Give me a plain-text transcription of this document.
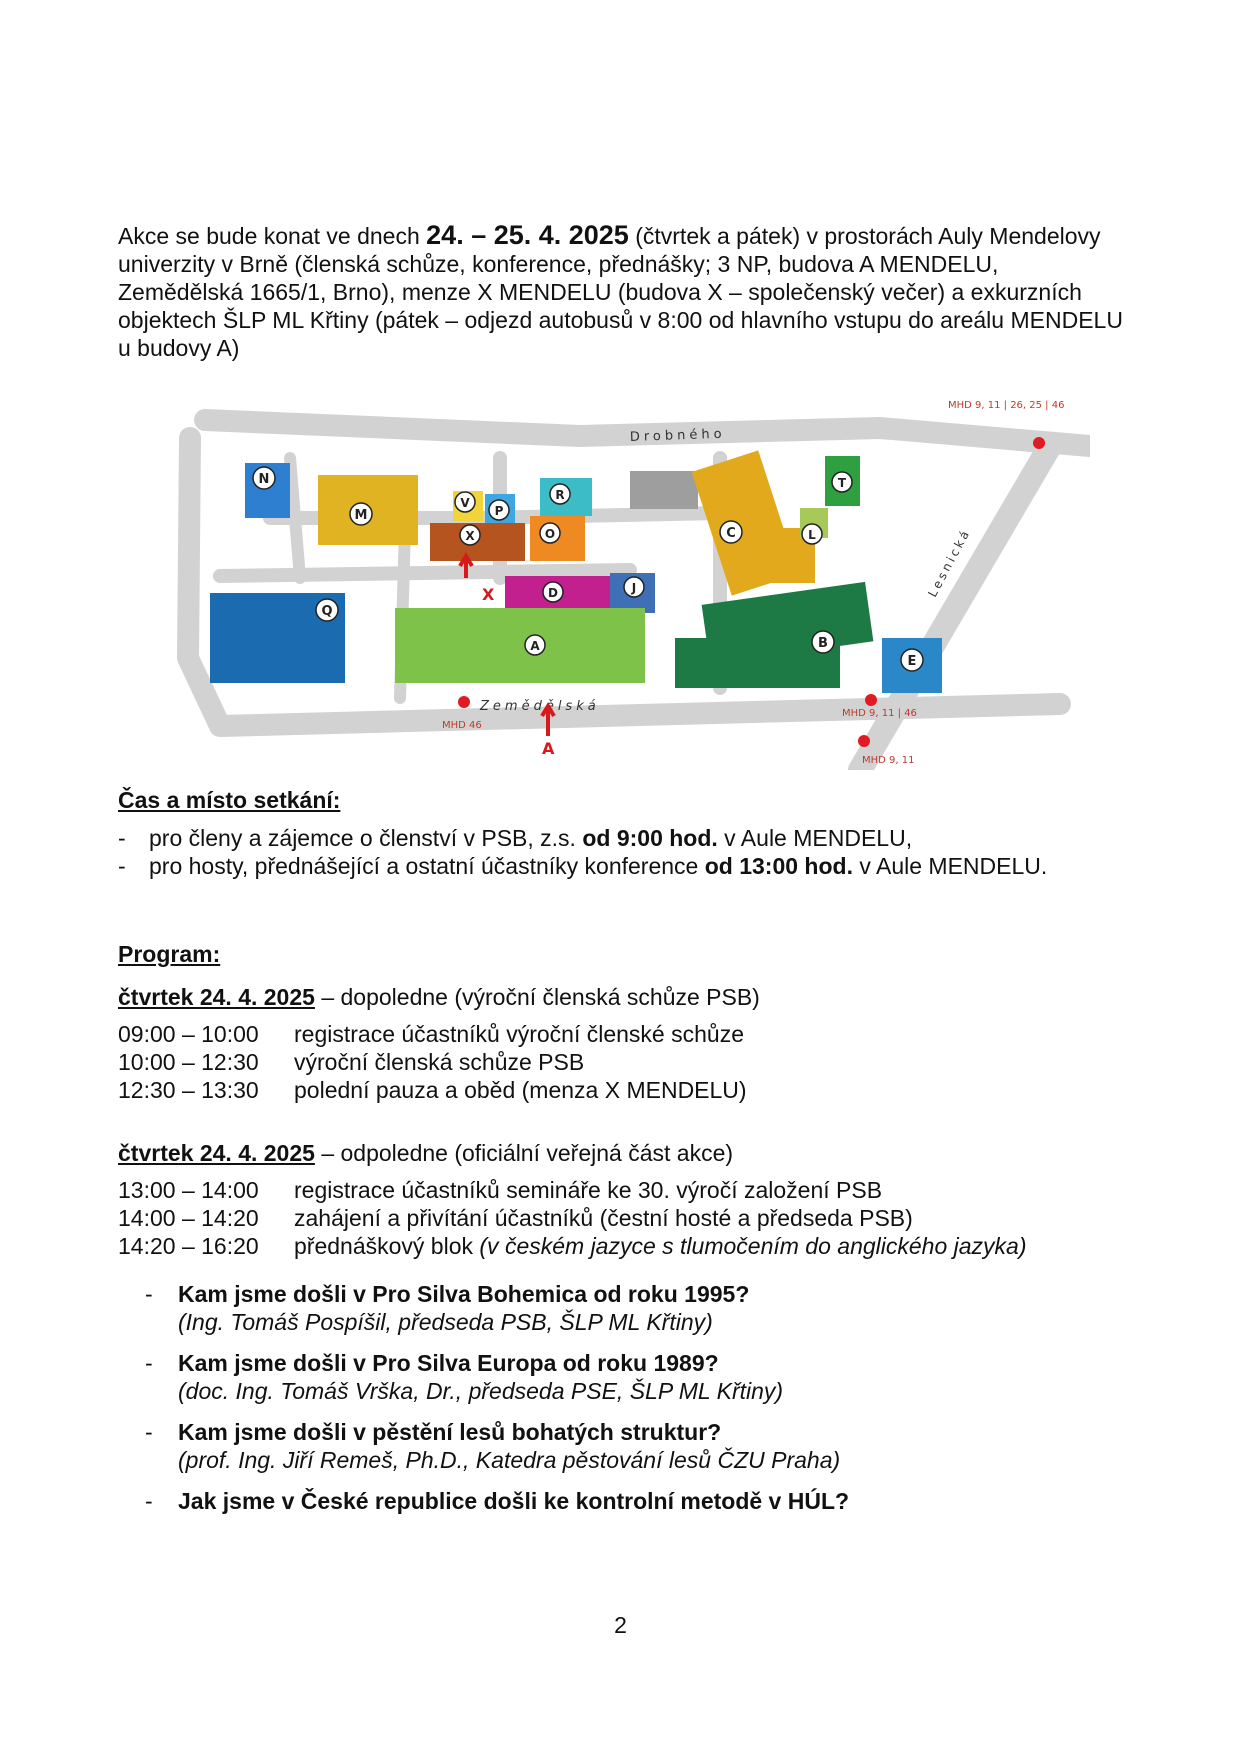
Akce se bude konat ve dnech 24. – 25. 4. 2025 (čtvrtek a pátek) v prostorách Auly Mendelovy univerzity v Brně (členská schůze, konference, přednášky; 3 NP, budova A MENDELU, Zemědělská 1665/1, Brno), menze X MENDELU (budova X – společenský večer) a exkurzních objektech ŠLP ML Křtiny (pátek – odjezd autobusů v 8:00 od hlavního vstupu do areálu MENDELU u budovy A)

Drobného
Zemědělská
Lesnická
N
M
V
P
R
X	O	C
T
L
Q
D	J
A	B
E
X
A
MHD 9, 11 | 26, 25 | 46
MHD 46
MHD 9, 11 | 46
MHD 9, 11
Čas a místo setkání:
- pro členy a zájemce o členství v PSB, z.s. od 9:00 hod. v Aule MENDELU,
- pro hosty, přednášející a ostatní účastníky konference od 13:00 hod. v Aule MENDELU.
Program:
čtvrtek 24. 4. 2025 – dopoledne (výroční členská schůze PSB)
09:00 – 10:00	registrace účastníků výroční členské schůze
10:00 – 12:30	výroční členská schůze PSB
12:30 – 13:30	polední pauza a oběd (menza X MENDELU)
čtvrtek 24. 4. 2025 – odpoledne (oficiální veřejná část akce)
13:00 – 14:00	registrace účastníků semináře ke 30. výročí založení PSB
14:00 – 14:20	zahájení a přivítání účastníků (čestní hosté a předseda PSB)
14:20 – 16:20	přednáškový blok (v českém jazyce s tlumočením do anglického jazyka)
- Kam jsme došli v Pro Silva Bohemica od roku 1995?
(Ing. Tomáš Pospíšil, předseda PSB, ŠLP ML Křtiny)
- Kam jsme došli v Pro Silva Europa od roku 1989?
(doc. Ing. Tomáš Vrška, Dr., předseda PSE, ŠLP ML Křtiny)
- Kam jsme došli v pěstění lesů bohatých struktur?
(prof. Ing. Jiří Remeš, Ph.D., Katedra pěstování lesů ČZU Praha)
- Jak jsme v České republice došli ke kontrolní metodě v HÚL?
2
